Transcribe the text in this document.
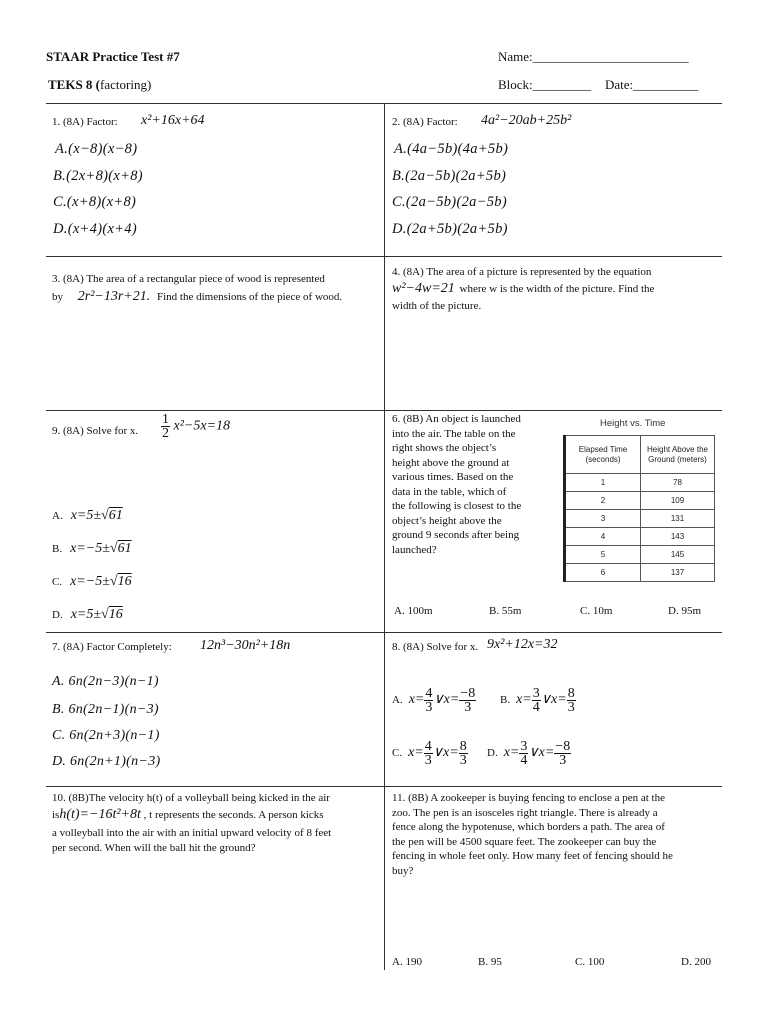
STAAR Practice Test #7
TEKS 8 (factoring)
Name:________________________
Block:_________ Date:__________
1. (8A) Factor: x²+16x+64
A.(x−8)(x−8)
B.(2x+8)(x+8)
C.(x+8)(x+8)
D.(x+4)(x+4)
2. (8A) Factor: 4a²−20ab+25b²
A.(4a−5b)(4a+5b)
B.(2a−5b)(2a+5b)
C.(2a−5b)(2a−5b)
D.(2a+5b)(2a+5b)
3. (8A) The area of a rectangular piece of wood is represented
by 2r²−13r+21. Find the dimensions of the piece of wood.
4. (8A) The area of a picture is represented by the equation
w²−4w=21 where w is the width of the picture. Find the
width of the picture.
9. (8A) Solve for x. $\frac{1}{2} x^2-5x=18$
A. x=5±√61
B. x=−5±√61
C. x=−5±√16
D. x=5±√16
6. (8B) An object is launched
into the air. The table on the
right shows the object’s
height above the ground at
various times. Based on the
data in the table, which of
the following is closest to the
object’s height above the
ground 9 seconds after being
launched?
Height vs. Time
Elapsed Time (seconds)	Height Above the Ground (meters)
1	78
2	109
3	131
4	143
5	145
6	137
A. 100m	B. 55m	C. 10m	D. 95m
7. (8A) Factor Completely: 12n³−30n²+18n
A. 6n(2n−3)(n−1)
B. 6n(2n−1)(n−3)
C. 6n(2n+3)(n−1)
D. 6n(2n+1)(n−3)
8. (8A) Solve for x. 9x²+12x=32
A. $x= \frac{4}{3}$ ∨x= $\frac{-8}{3} B$. $x= \frac{3}{4}$ ∨x= $\frac{8}{3}$
C. $x= \frac{4}{3}$ ∨x= $\frac{8}{3} D$. $x= \frac{3}{4}$ ∨x= $\frac{-8}{3}$
10. (8B)The velocity h(t) of a volleyball being kicked in the air
ish(t)=−16t²+8t , t represents the seconds. A person kicks
a volleyball into the air with an initial upward velocity of 8 feet
per second. When will the ball hit the ground?
11. (8B) A zookeeper is buying fencing to enclose a pen at the
zoo. The pen is an isosceles right triangle. There is already a
fence along the hypotenuse, which borders a path. The area of
the pen will be 4500 square feet. The zookeeper can buy the
fencing in whole feet only. How many feet of fencing should he
buy?
A. 190	B. 95	C. 100	D. 200
